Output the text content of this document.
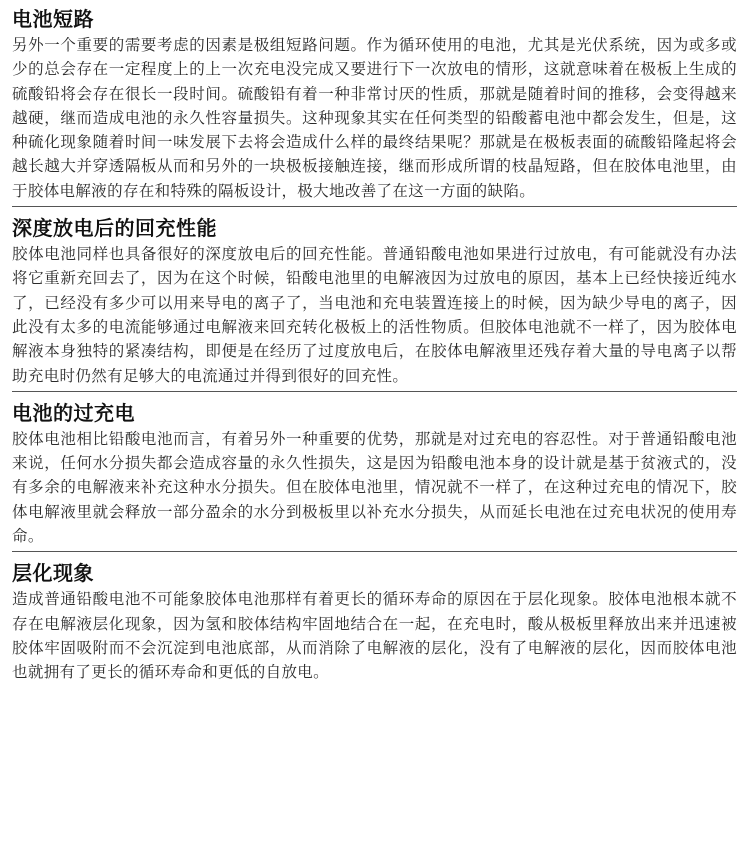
电池短路

另外一个重要的需要考虑的因素是极组短路问题。作为循环使用的电池，尤其是光伏系统，因为或多或少的总会存在一定程度上的上一次充电没完成又要进行下一次放电的情形，这就意味着在极板上生成的硫酸铅将会存在很长一段时间。硫酸铅有着一种非常讨厌的性质，那就是随着时间的推移，会变得越来越硬，继而造成电池的永久性容量损失。这种现象其实在任何类型的铅酸蓄电池中都会发生，但是，这种硫化现象随着时间一味发展下去将会造成什么样的最终结果呢？那就是在极板表面的硫酸铅隆起将会越长越大并穿透隔板从而和另外的一块极板接触连接，继而形成所谓的枝晶短路，但在胶体电池里，由于胶体电解液的存在和特殊的隔板设计，极大地改善了在这一方面的缺陷。

深度放电后的回充性能

胶体电池同样也具备很好的深度放电后的回充性能。普通铅酸电池如果进行过放电，有可能就没有办法将它重新充回去了，因为在这个时候，铅酸电池里的电解液因为过放电的原因，基本上已经快接近纯水了，已经没有多少可以用来导电的离子了，当电池和充电装置连接上的时候，因为缺少导电的离子，因此没有太多的电流能够通过电解液来回充转化极板上的活性物质。但胶体电池就不一样了，因为胶体电解液本身独特的紧凑结构，即便是在经历了过度放电后，在胶体电解液里还残存着大量的导电离子以帮助充电时仍然有足够大的电流通过并得到很好的回充性。

电池的过充电

胶体电池相比铅酸电池而言，有着另外一种重要的优势，那就是对过充电的容忍性。对于普通铅酸电池来说，任何水分损失都会造成容量的永久性损失，这是因为铅酸电池本身的设计就是基于贫液式的，没有多余的电解液来补充这种水分损失。但在胶体电池里，情况就不一样了，在这种过充电的情况下，胶体电解液里就会释放一部分盈余的水分到极板里以补充水分损失，从而延长电池在过充电状况的使用寿命。

层化现象

造成普通铅酸电池不可能象胶体电池那样有着更长的循环寿命的原因在于层化现象。胶体电池根本就不存在电解液层化现象，因为氢和胶体结构牢固地结合在一起，在充电时，酸从极板里释放出来并迅速被胶体牢固吸附而不会沉淀到电池底部，从而消除了电解液的层化，没有了电解液的层化，因而胶体电池也就拥有了更长的循环寿命和更低的自放电。
